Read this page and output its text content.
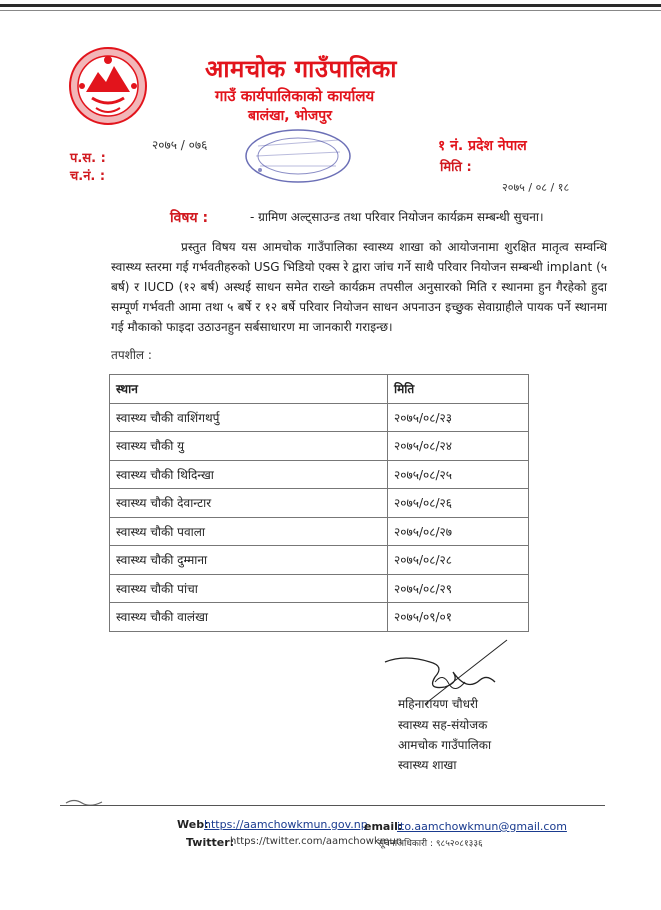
आमचोक गाउँपालिका
गाउँ कार्यपालिकाको कार्यालय
बालंखा, भोजपुर
२०७५ / ०७६
प.स. :
च.नं. :
१ नं. प्रदेश नेपाल
मिति :
२०७५ / ०८ / १८
विषय :	- ग्रामिण अल्ट्साउन्ड तथा परिवार नियोजन कार्यक्रम सम्बन्धी सुचना।
प्रस्तुत विषय यस आमचोक गाउँपालिका स्वास्थ्य शाखा को आयोजनामा शुरक्षित मातृत्व सम्वन्धि स्वास्थ्य स्तरमा गई गर्भवतीहरुको USG भिडियो एक्स रे द्वारा जांच गर्ने साथै परिवार नियोजन सम्बन्धी implant (५ बर्ष) र IUCD (१२ बर्ष) अस्थई साधन समेत राख्ने कार्यक्रम तपसील अनुसारको मिति र स्थानमा हुन गैरहेको हुदा सम्पूर्ण गर्भवती आमा तथा ५ बर्षे र १२ बर्षे परिवार नियोजन साधन अपनाउन इच्छुक सेवाग्राहीले पायक पर्ने स्थानमा गई मौकाको फाइदा उठाउनहुन सर्बसाधारण मा जानकारी गराइन्छ।
तपशील :
स्थान	मिति
स्वास्थ्य चौकी वाशिंगथर्पु	२०७५/०८/२३
स्वास्थ्य चौकी यु	२०७५/०८/२४
स्वास्थ्य चौकी थिदिन्खा	२०७५/०८/२५
स्वास्थ्य चौकी देवान्टार	२०७५/०८/२६
स्वास्थ्य चौकी पवाला	२०७५/०८/२७
स्वास्थ्य चौकी दुम्माना	२०७५/०८/२८
स्वास्थ्य चौकी पांचा	२०७५/०८/२९
स्वास्थ्य चौकी वालंखा	२०७५/०९/०१
महिनारायण चौधरी
स्वास्थ्य सह-संयोजक
आमचोक गाउँपालिका
स्वास्थ्य शाखा
Web:
https://aamchowkmun.gov.np
email:
ito.aamchowkmun@gmail.com
Twitter:
https://twitter.com/aamchowkmun
सूचनाअधिकारी : ९८५२०८१३३६
